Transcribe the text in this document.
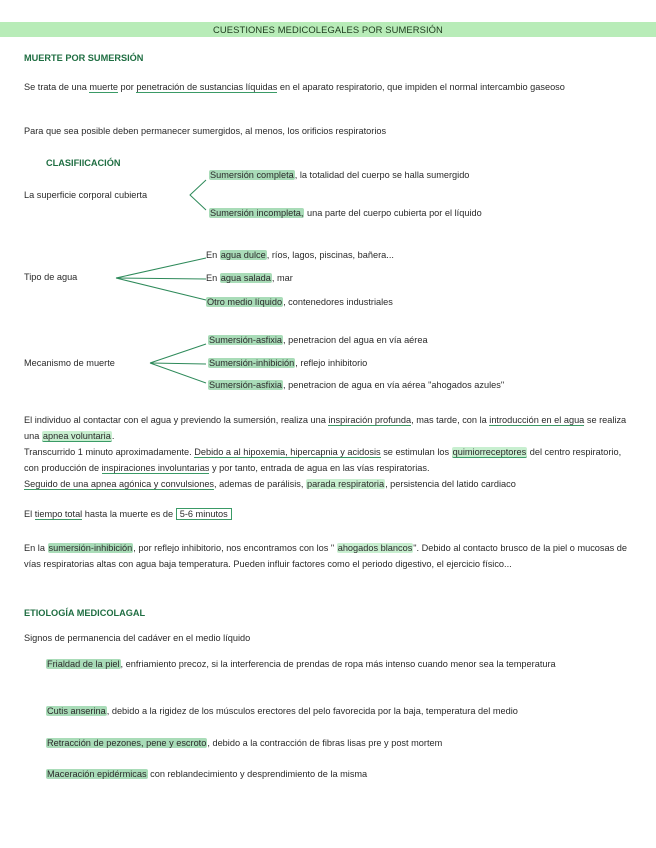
CUESTIONES MEDICOLEGALES POR SUMERSIÓN
MUERTE POR SUMERSIÓN
Se trata de una muerte por penetración de sustancias líquidas en el aparato respiratorio, que impiden el normal intercambio gaseoso
Para que sea posible deben permanecer sumergidos, al menos, los orificios respiratorios
CLASIFIICACIÓN
La superficie corporal cubierta
Sumersión completa, la totalidad del cuerpo se halla sumergido
Sumersión incompleta, una parte del cuerpo cubierta por el líquido
Tipo de agua
En agua dulce, ríos, lagos, piscinas, bañera...
En agua salada, mar
Otro medio líquido, contenedores industriales
Mecanismo de muerte
Sumersión-asfixia, penetracion del agua en vía aérea
Sumersión-inhibición, reflejo inhibitorio
Sumersión-asfixia, penetracion de agua en vía aérea "ahogados azules"
El individuo al contactar con el agua y previendo la sumersión, realiza una inspiración profunda, mas tarde, con la introducción en el agua se realiza una apnea voluntaria.
Transcurrido 1 minuto aproximadamente. Debido a al hipoxemia, hipercapnia y acidosis se estimulan los quimiorreceptores del centro respiratorio, con producción de inspiraciones involuntarias y por tanto, entrada de agua en las vías respiratorias.
Seguido de una apnea agónica y convulsiones, ademas de parálisis, parada respiratoria, persistencia del latido cardiaco
El tiempo total hasta la muerte es de 5-6 minutos
En la sumersión-inhibición, por reflejo inhibitorio, nos encontramos con los " ahogados blancos". Debido al contacto brusco de la piel o mucosas de vías respiratorias altas con agua baja temperatura. Pueden influir factores como el periodo digestivo, el ejercicio físico...
ETIOLOGÍA MEDICOLAGAL
Signos de permanencia del cadáver en el medio líquido
Frialdad de la piel, enfriamiento precoz, si la interferencia de prendas de ropa más intenso cuando menor sea la temperatura
Cutis anserina, debido a la rigidez de los músculos erectores del pelo favorecida por la baja, temperatura del medio
Retracción de pezones, pene y escroto, debido a la contracción de fibras lisas pre y post mortem
Maceración epidérmicas con reblandecimiento y desprendimiento de la misma
